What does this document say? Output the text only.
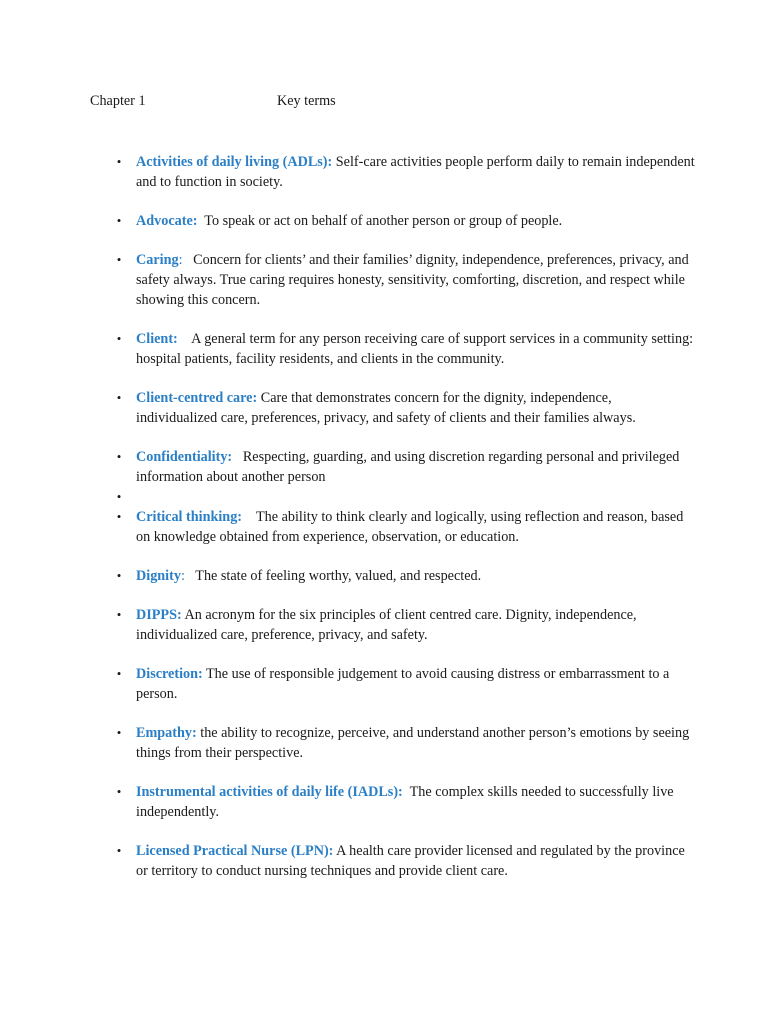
Chapter 1	Key terms
• Activities of daily living (ADLs): Self-care activities people perform daily to remain independent and to function in society.
• Advocate:  To speak or act on behalf of another person or group of people.
• Caring:   Concern for clients’ and their families’ dignity, independence, preferences, privacy, and safety always. True caring requires honesty, sensitivity, comforting, discretion, and respect while showing this concern.
• Client:    A general term for any person receiving care of support services in a community setting: hospital patients, facility residents, and clients in the community.
• Client-centred care: Care that demonstrates concern for the dignity, independence, individualized care, preferences, privacy, and safety of clients and their families always.
• Confidentiality:   Respecting, guarding, and using discretion regarding personal and privileged information about another person
•
• Critical thinking:    The ability to think clearly and logically, using reflection and reason, based on knowledge obtained from experience, observation, or education.
• Dignity:   The state of feeling worthy, valued, and respected.
• DIPPS: An acronym for the six principles of client centred care. Dignity, independence, individualized care, preference, privacy, and safety.
• Discretion: The use of responsible judgement to avoid causing distress or embarrassment to a person.
• Empathy: the ability to recognize, perceive, and understand another person’s emotions by seeing things from their perspective.
• Instrumental activities of daily life (IADLs):  The complex skills needed to successfully live independently.
• Licensed Practical Nurse (LPN): A health care provider licensed and regulated by the province or territory to conduct nursing techniques and provide client care.
